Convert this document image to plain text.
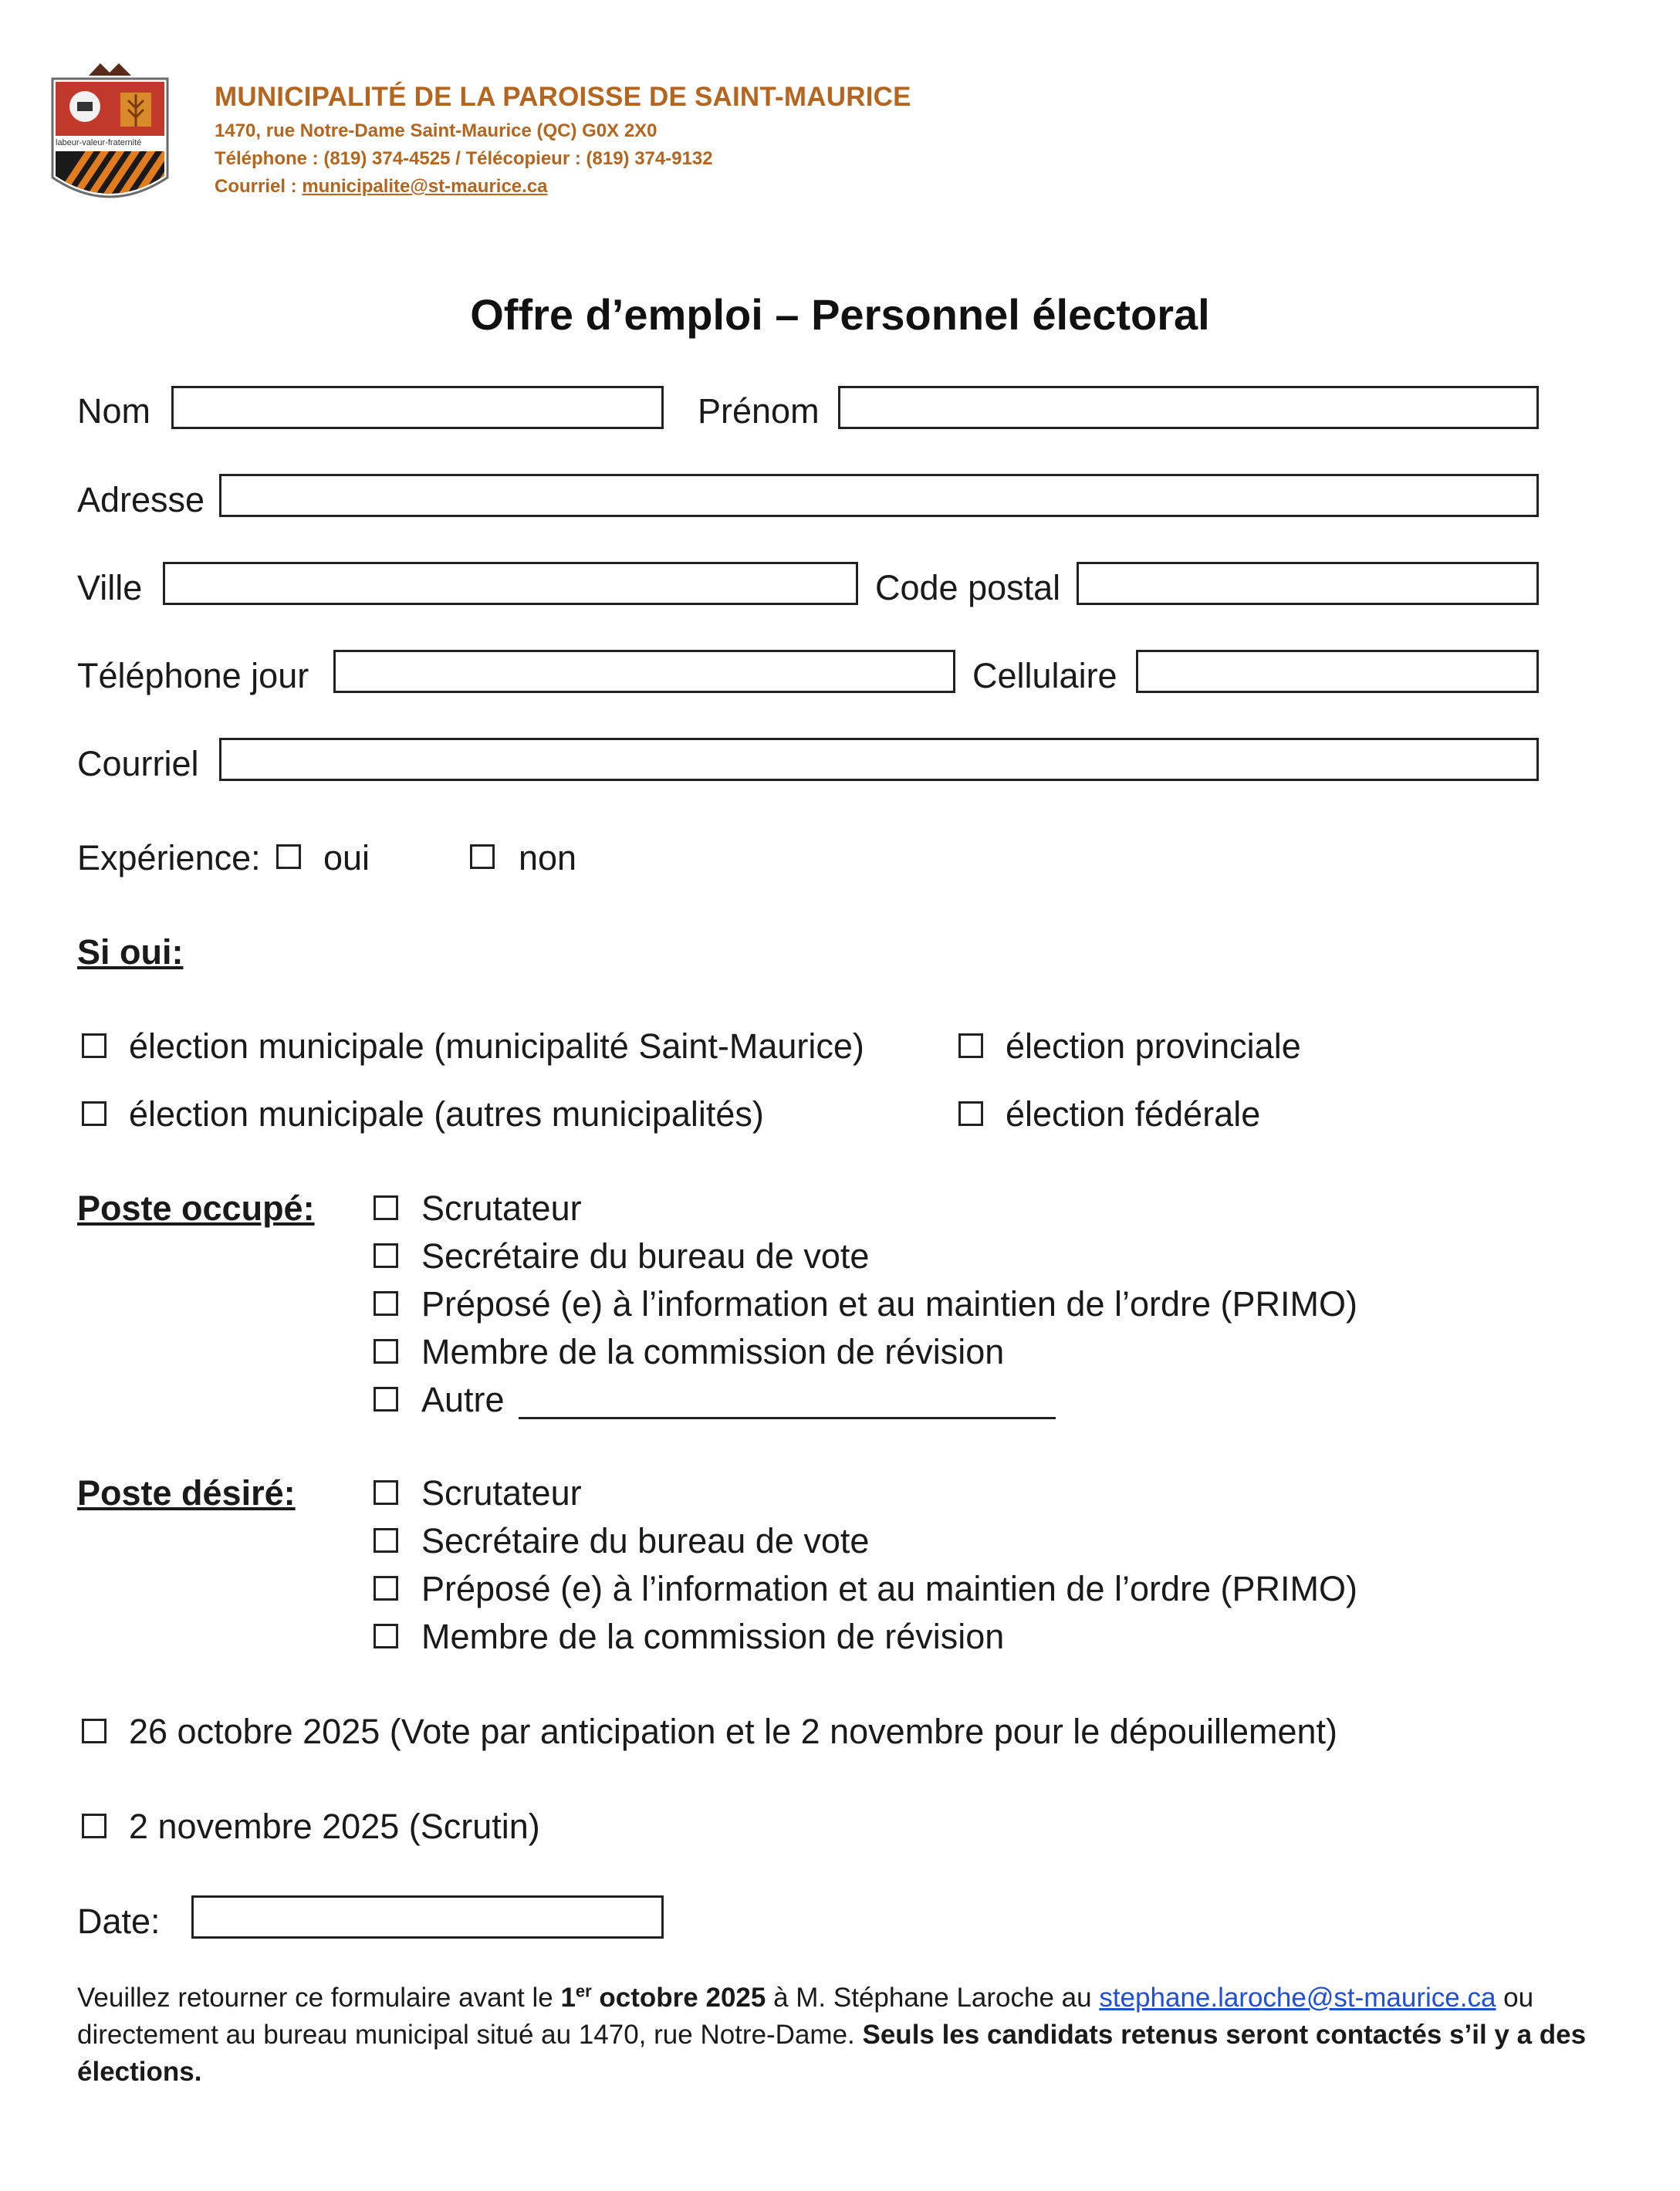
labeur-valeur-fraternité
MUNICIPALITÉ DE LA PAROISSE DE SAINT-MAURICE
1470, rue Notre-Dame Saint-Maurice (QC) G0X 2X0
Téléphone : (819) 374-4525 / Télécopieur : (819) 374-9132
Courriel : municipalite@st-maurice.ca
Offre d’emploi – Personnel électoral
Nom	Prénom
Adresse
Ville	Code postal
Téléphone jour	Cellulaire
Courriel
Expérience: oui	non
Si oui:
élection municipale (municipalité Saint-Maurice)	élection provinciale
élection municipale (autres municipalités)	élection fédérale
Poste occupé:	Scrutateur
Secrétaire du bureau de vote
Préposé (e) à l’information et au maintien de l’ordre (PRIMO)
Membre de la commission de révision
Autre
Poste désiré:	Scrutateur
Secrétaire du bureau de vote
Préposé (e) à l’information et au maintien de l’ordre (PRIMO)
Membre de la commission de révision
26 octobre 2025 (Vote par anticipation et le 2 novembre pour le dépouillement)
2 novembre 2025 (Scrutin)
Date:
Veuillez retourner ce formulaire avant le 1er octobre 2025 à M. Stéphane Laroche au stephane.laroche@st-maurice.ca ou directement au bureau municipal situé au 1470, rue Notre-Dame. Seuls les candidats retenus seront contactés s’il y a des élections.
